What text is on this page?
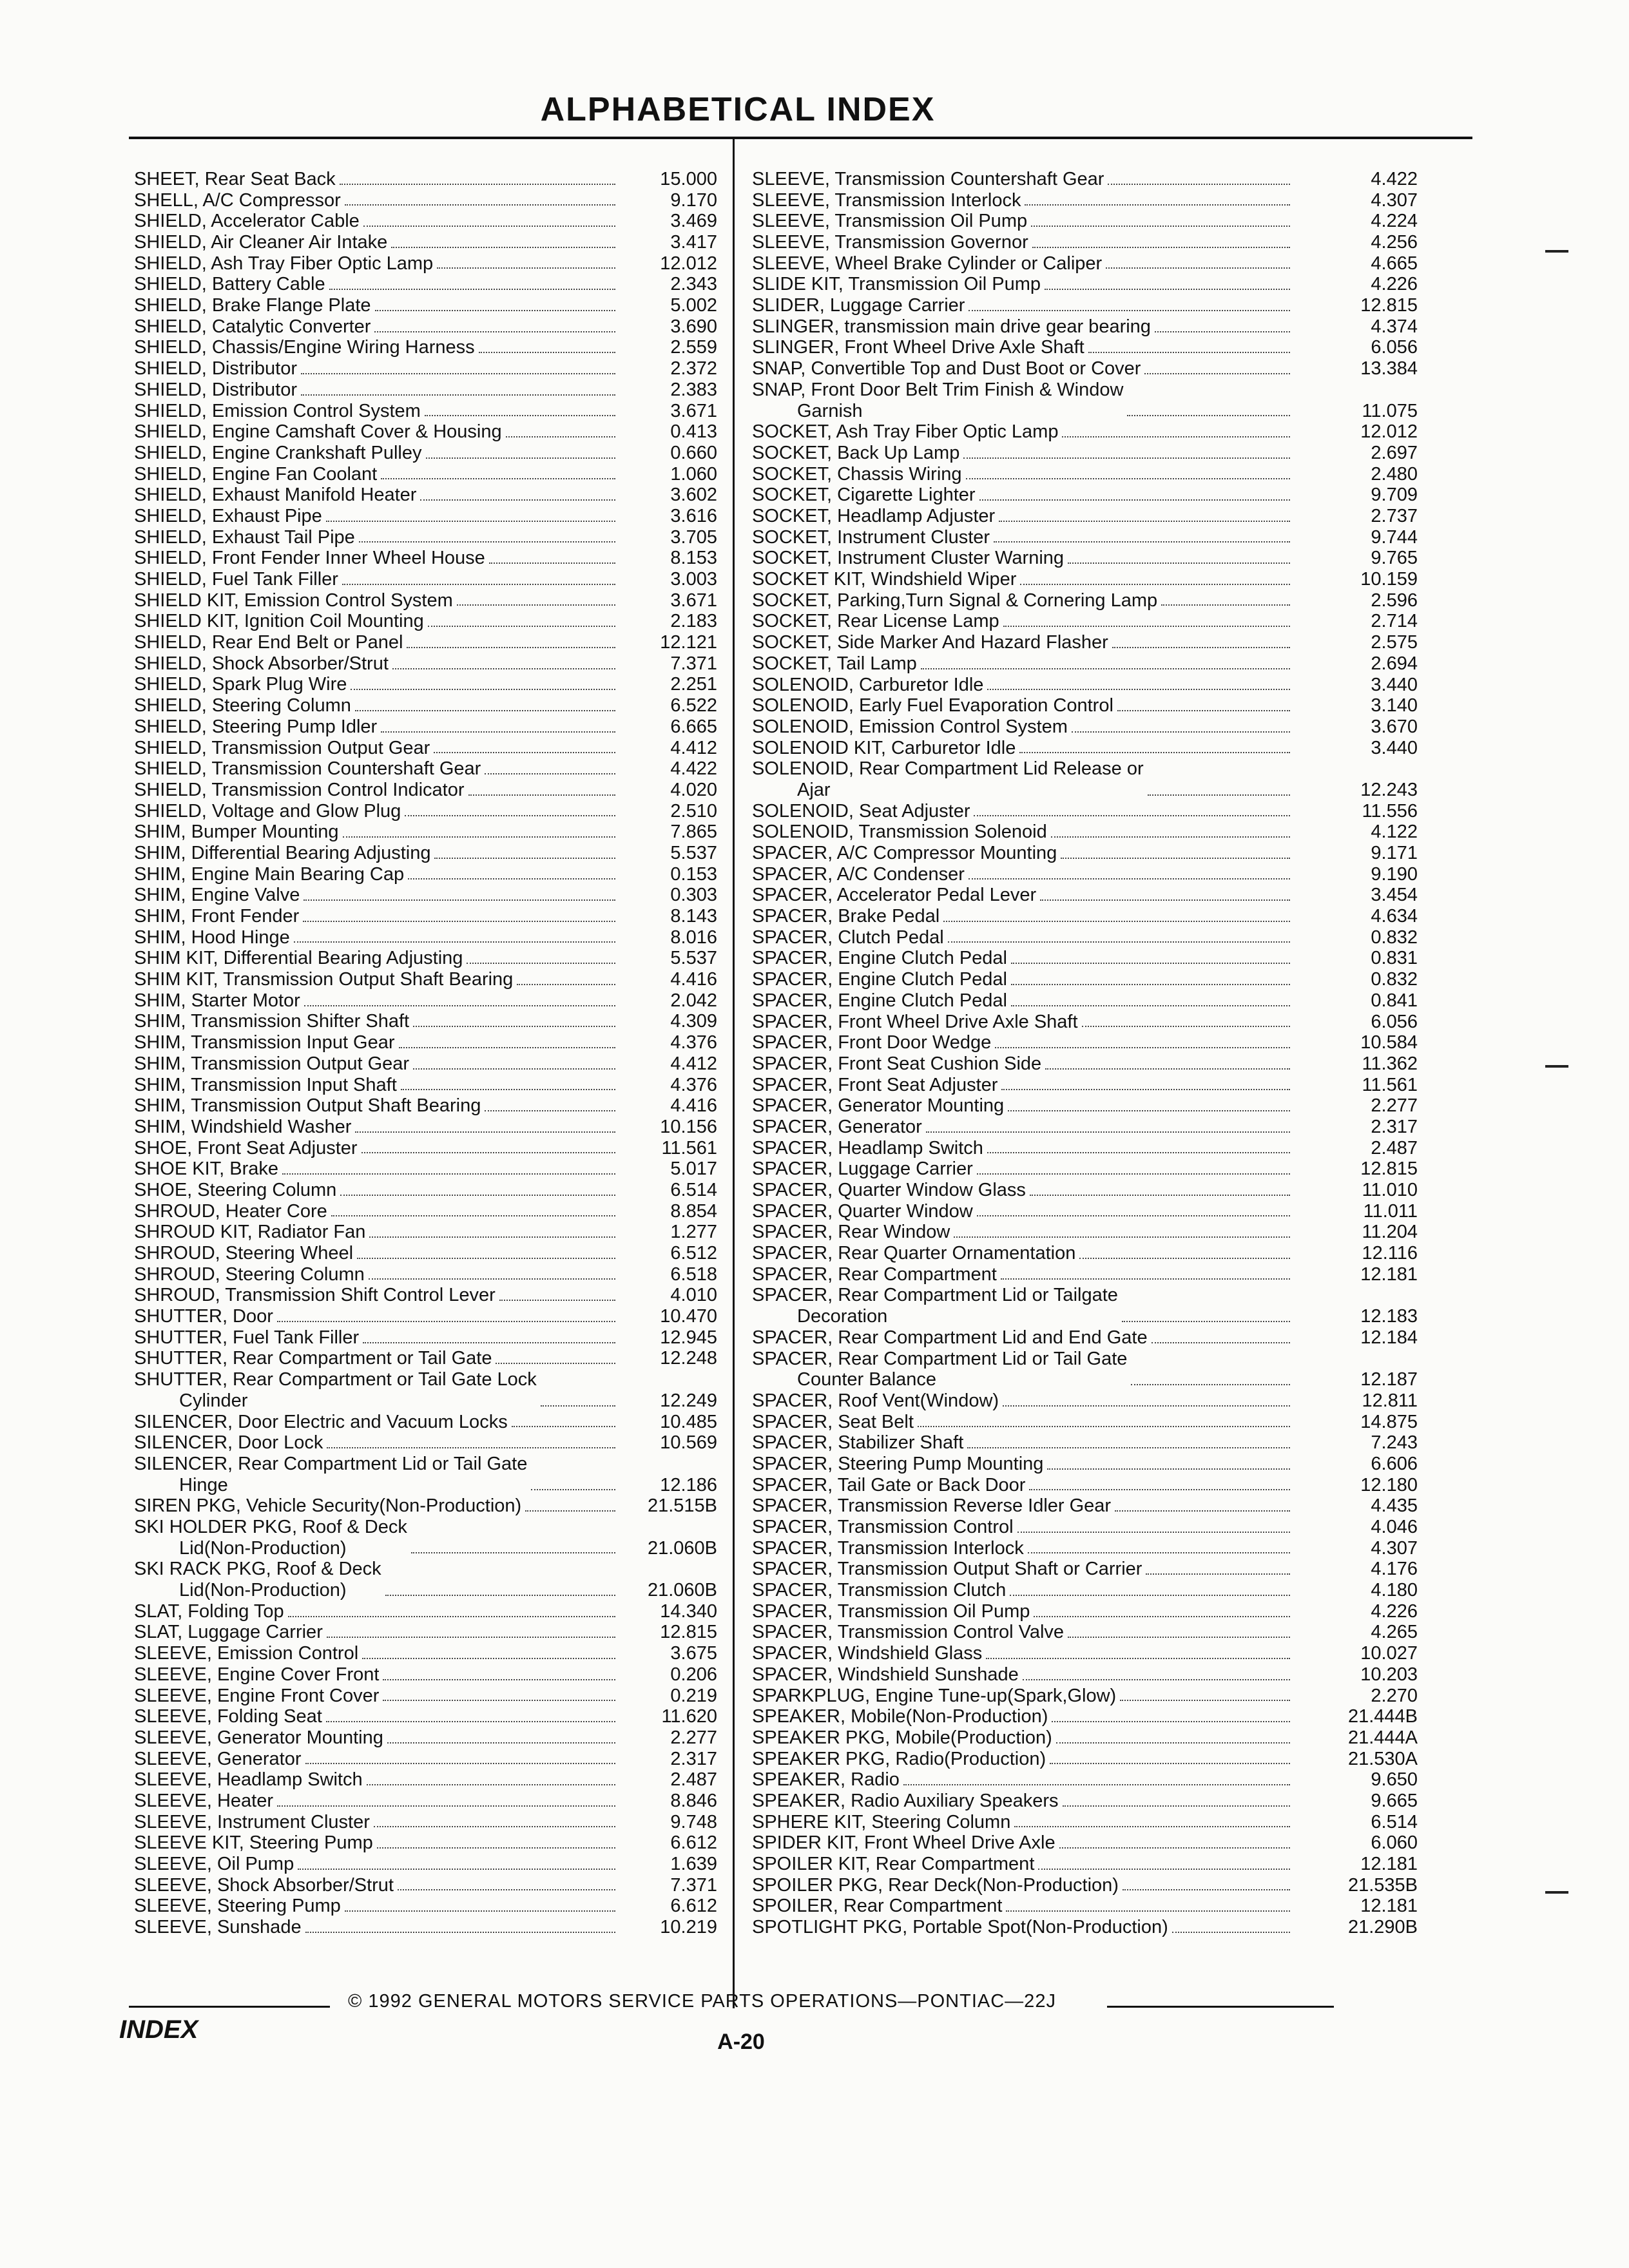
ALPHABETICAL INDEX
SHEET, Rear Seat Back	15.000
SHELL, A/C Compressor	9.170
SHIELD, Accelerator Cable	3.469
SHIELD, Air Cleaner Air Intake	3.417
SHIELD, Ash Tray Fiber Optic Lamp	12.012
SHIELD, Battery Cable	2.343
SHIELD, Brake Flange Plate	5.002
SHIELD, Catalytic Converter	3.690
SHIELD, Chassis/Engine Wiring Harness	2.559
SHIELD, Distributor	2.372
SHIELD, Distributor	2.383
SHIELD, Emission Control System	3.671
SHIELD, Engine Camshaft Cover & Housing	0.413
SHIELD, Engine Crankshaft Pulley	0.660
SHIELD, Engine Fan Coolant	1.060
SHIELD, Exhaust Manifold Heater	3.602
SHIELD, Exhaust Pipe	3.616
SHIELD, Exhaust Tail Pipe	3.705
SHIELD, Front Fender Inner Wheel House	8.153
SHIELD, Fuel Tank Filler	3.003
SHIELD KIT, Emission Control System	3.671
SHIELD KIT, Ignition Coil Mounting	2.183
SHIELD, Rear End Belt or Panel	12.121
SHIELD, Shock Absorber/Strut	7.371
SHIELD, Spark Plug Wire	2.251
SHIELD, Steering Column	6.522
SHIELD, Steering Pump Idler	6.665
SHIELD, Transmission Output Gear	4.412
SHIELD, Transmission Countershaft Gear	4.422
SHIELD, Transmission Control Indicator	4.020
SHIELD, Voltage and Glow Plug	2.510
SHIM, Bumper Mounting	7.865
SHIM, Differential Bearing Adjusting	5.537
SHIM, Engine Main Bearing Cap	0.153
SHIM, Engine Valve	0.303
SHIM, Front Fender	8.143
SHIM, Hood Hinge	8.016
SHIM KIT, Differential Bearing Adjusting	5.537
SHIM KIT, Transmission Output Shaft Bearing	4.416
SHIM, Starter Motor	2.042
SHIM, Transmission Shifter Shaft	4.309
SHIM, Transmission Input Gear	4.376
SHIM, Transmission Output Gear	4.412
SHIM, Transmission Input Shaft	4.376
SHIM, Transmission Output Shaft Bearing	4.416
SHIM, Windshield Washer	10.156
SHOE, Front Seat Adjuster	11.561
SHOE KIT, Brake	5.017
SHOE, Steering Column	6.514
SHROUD, Heater Core	8.854
SHROUD KIT, Radiator Fan	1.277
SHROUD, Steering Wheel	6.512
SHROUD, Steering Column	6.518
SHROUD, Transmission Shift Control Lever	4.010
SHUTTER, Door	10.470
SHUTTER, Fuel Tank Filler	12.945
SHUTTER, Rear Compartment or Tail Gate	12.248
SHUTTER, Rear Compartment or Tail Gate Lock
Cylinder	12.249
SILENCER, Door Electric and Vacuum Locks	10.485
SILENCER, Door Lock	10.569
SILENCER, Rear Compartment Lid or Tail Gate
Hinge	12.186
SIREN PKG, Vehicle Security(Non-Production)	21.515B
SKI HOLDER PKG, Roof & Deck
Lid(Non-Production)	21.060B
SKI RACK PKG, Roof & Deck
Lid(Non-Production)	21.060B
SLAT, Folding Top	14.340
SLAT, Luggage Carrier	12.815
SLEEVE, Emission Control	3.675
SLEEVE, Engine Cover Front	0.206
SLEEVE, Engine Front Cover	0.219
SLEEVE, Folding Seat	11.620
SLEEVE, Generator Mounting	2.277
SLEEVE, Generator	2.317
SLEEVE, Headlamp Switch	2.487
SLEEVE, Heater	8.846
SLEEVE, Instrument Cluster	9.748
SLEEVE KIT, Steering Pump	6.612
SLEEVE, Oil Pump	1.639
SLEEVE, Shock Absorber/Strut	7.371
SLEEVE, Steering Pump	6.612
SLEEVE, Sunshade	10.219
SLEEVE, Transmission Countershaft Gear	4.422
SLEEVE, Transmission Interlock	4.307
SLEEVE, Transmission Oil Pump	4.224
SLEEVE, Transmission Governor	4.256
SLEEVE, Wheel Brake Cylinder or Caliper	4.665
SLIDE KIT, Transmission Oil Pump	4.226
SLIDER, Luggage Carrier	12.815
SLINGER, transmission main drive gear bearing	4.374
SLINGER, Front Wheel Drive Axle Shaft	6.056
SNAP, Convertible Top and Dust Boot or Cover	13.384
SNAP, Front Door Belt Trim Finish & Window
Garnish	11.075
SOCKET, Ash Tray Fiber Optic Lamp	12.012
SOCKET, Back Up Lamp	2.697
SOCKET, Chassis Wiring	2.480
SOCKET, Cigarette Lighter	9.709
SOCKET, Headlamp Adjuster	2.737
SOCKET, Instrument Cluster	9.744
SOCKET, Instrument Cluster Warning	9.765
SOCKET KIT, Windshield Wiper	10.159
SOCKET, Parking,Turn Signal & Cornering Lamp	2.596
SOCKET, Rear License Lamp	2.714
SOCKET, Side Marker And Hazard Flasher	2.575
SOCKET, Tail Lamp	2.694
SOLENOID, Carburetor Idle	3.440
SOLENOID, Early Fuel Evaporation Control	3.140
SOLENOID, Emission Control System	3.670
SOLENOID KIT, Carburetor Idle	3.440
SOLENOID, Rear Compartment Lid Release or
Ajar	12.243
SOLENOID, Seat Adjuster	11.556
SOLENOID, Transmission Solenoid	4.122
SPACER, A/C Compressor Mounting	9.171
SPACER, A/C Condenser	9.190
SPACER, Accelerator Pedal Lever	3.454
SPACER, Brake Pedal	4.634
SPACER, Clutch Pedal	0.832
SPACER, Engine Clutch Pedal	0.831
SPACER, Engine Clutch Pedal	0.832
SPACER, Engine Clutch Pedal	0.841
SPACER, Front Wheel Drive Axle Shaft	6.056
SPACER, Front Door Wedge	10.584
SPACER, Front Seat Cushion Side	11.362
SPACER, Front Seat Adjuster	11.561
SPACER, Generator Mounting	2.277
SPACER, Generator	2.317
SPACER, Headlamp Switch	2.487
SPACER, Luggage Carrier	12.815
SPACER, Quarter Window Glass	11.010
SPACER, Quarter Window	11.011
SPACER, Rear Window	11.204
SPACER, Rear Quarter Ornamentation	12.116
SPACER, Rear Compartment	12.181
SPACER, Rear Compartment Lid or Tailgate
Decoration	12.183
SPACER, Rear Compartment Lid and End Gate	12.184
SPACER, Rear Compartment Lid or Tail Gate
Counter Balance	12.187
SPACER, Roof Vent(Window)	12.811
SPACER, Seat Belt	14.875
SPACER, Stabilizer Shaft	7.243
SPACER, Steering Pump Mounting	6.606
SPACER, Tail Gate or Back Door	12.180
SPACER, Transmission Reverse Idler Gear	4.435
SPACER, Transmission Control	4.046
SPACER, Transmission Interlock	4.307
SPACER, Transmission Output Shaft or Carrier	4.176
SPACER, Transmission Clutch	4.180
SPACER, Transmission Oil Pump	4.226
SPACER, Transmission Control Valve	4.265
SPACER, Windshield Glass	10.027
SPACER, Windshield Sunshade	10.203
SPARKPLUG, Engine Tune-up(Spark,Glow)	2.270
SPEAKER, Mobile(Non-Production)	21.444B
SPEAKER PKG, Mobile(Production)	21.444A
SPEAKER PKG, Radio(Production)	21.530A
SPEAKER, Radio	9.650
SPEAKER, Radio Auxiliary Speakers	9.665
SPHERE KIT, Steering Column	6.514
SPIDER KIT, Front Wheel Drive Axle	6.060
SPOILER KIT, Rear Compartment	12.181
SPOILER PKG, Rear Deck(Non-Production)	21.535B
SPOILER, Rear Compartment	12.181
SPOTLIGHT PKG, Portable Spot(Non-Production)	21.290B
© 1992 GENERAL MOTORS SERVICE PARTS OPERATIONS—PONTIAC—22J
INDEX	A-20
